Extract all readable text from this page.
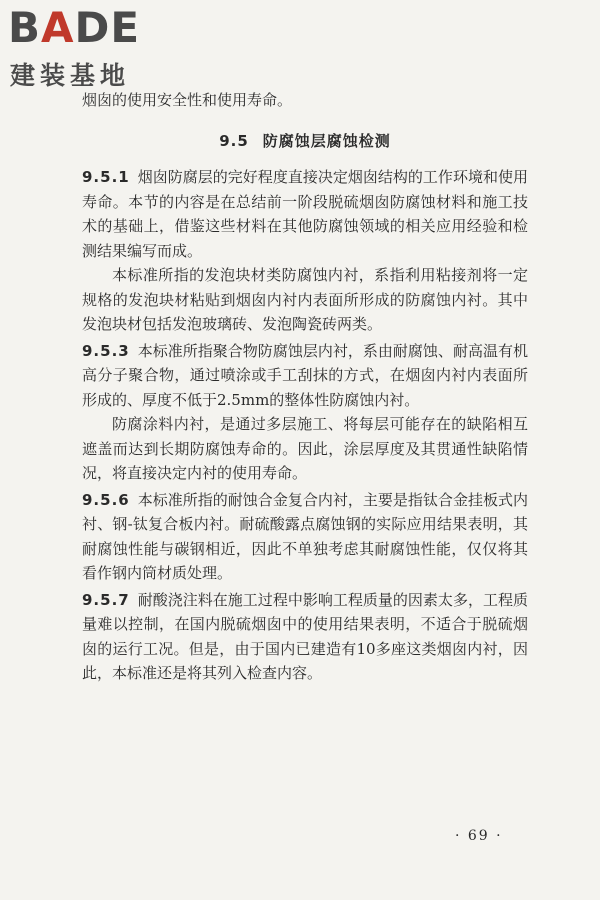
BADE
建装基地

烟囱的使用安全性和使用寿命。

9.5 防腐蚀层腐蚀检测

9.5.1 烟囱防腐层的完好程度直接决定烟囱结构的工作环境和使用寿命。本节的内容是在总结前一阶段脱硫烟囱防腐蚀材料和施工技术的基础上，借鉴这些材料在其他防腐蚀领域的相关应用经验和检测结果编写而成。

本标准所指的发泡块材类防腐蚀内衬，系指利用粘接剂将一定规格的发泡块材粘贴到烟囱内衬内表面所形成的防腐蚀内衬。其中发泡块材包括发泡玻璃砖、发泡陶瓷砖两类。

9.5.3 本标准所指聚合物防腐蚀层内衬，系由耐腐蚀、耐高温有机高分子聚合物，通过喷涂或手工刮抹的方式，在烟囱内衬内表面所形成的、厚度不低于2.5mm的整体性防腐蚀内衬。

防腐涂料内衬，是通过多层施工、将每层可能存在的缺陷相互遮盖而达到长期防腐蚀寿命的。因此，涂层厚度及其贯通性缺陷情况，将直接决定内衬的使用寿命。

9.5.6 本标准所指的耐蚀合金复合内衬，主要是指钛合金挂板式内衬、钢-钛复合板内衬。耐硫酸露点腐蚀钢的实际应用结果表明，其耐腐蚀性能与碳钢相近，因此不单独考虑其耐腐蚀性能，仅仅将其看作钢内筒材质处理。

9.5.7 耐酸浇注料在施工过程中影响工程质量的因素太多，工程质量难以控制，在国内脱硫烟囱中的使用结果表明，不适合于脱硫烟囱的运行工况。但是，由于国内已建造有10多座这类烟囱内衬，因此，本标准还是将其列入检查内容。

· 69 ·
